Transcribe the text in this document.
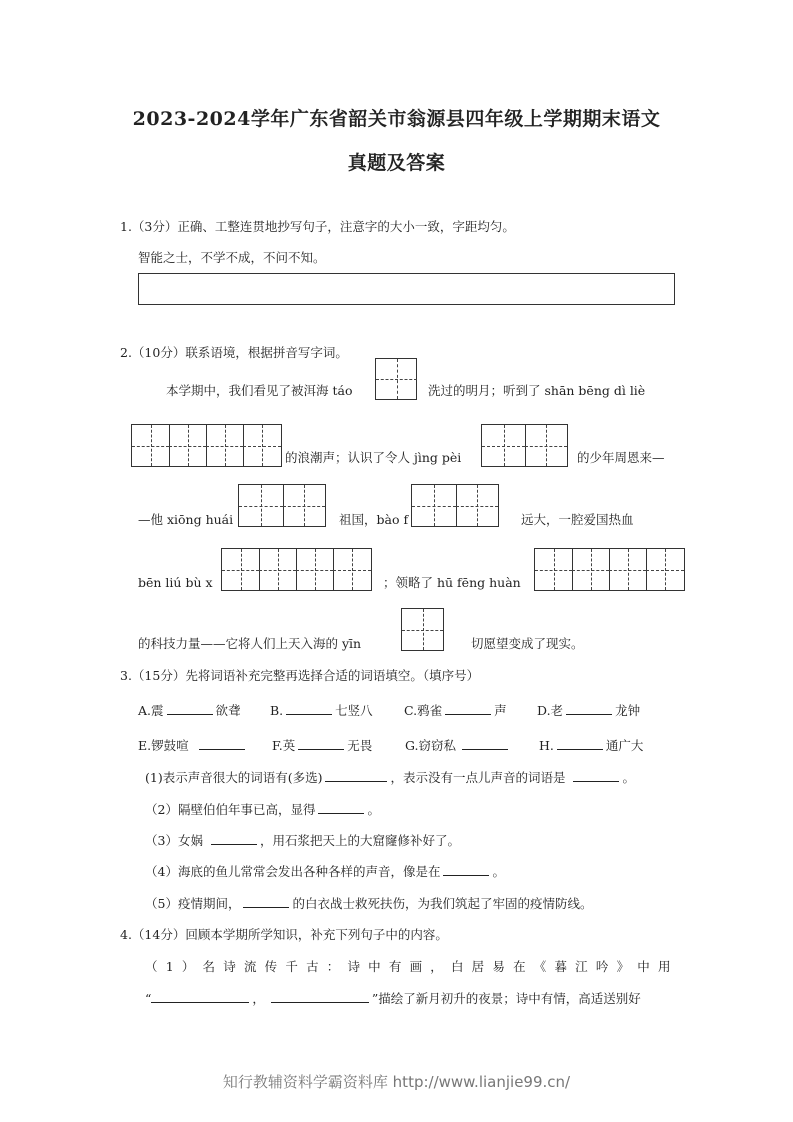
2023-2024学年广东省韶关市翁源县四年级上学期期末语文
真题及答案
1.（3分）正确、工整连贯地抄写句子，注意字的大小一致，字距均匀。
智能之士，不学不成，不问不知。
2.（10分）联系语境，根据拼音写字词。
本学期中，我们看见了被洱海 táo	洗过的明月；听到了 shān bēng dì liè
的浪潮声；认识了令人 jìng pèi	的少年周恩来—
—他 xiōng huái	祖国，bào f	远大，一腔爱国热血
bēn liú bù x	；领略了 hū fēng huàn
的科技力量——它将人们上天入海的 yīn	切愿望变成了现实。
3.（15分）先将词语补充完整再选择合适的词语填空。（填序号）
A.震	欲聋 B.	七竖八	C.鸦雀	声 D.老	龙钟
E.锣鼓喧	F.英	无畏	G.窃窃私	H.	通广大
(1)表示声音很大的词语有(多选)	，表示没有一点儿声音的词语是	。
（2）隔壁伯伯年事已高，显得	。
（3）女娲	，用石浆把天上的大窟窿修补好了。
（4）海底的鱼儿常常会发出各种各样的声音，像是在	。
（5）疫情期间，	的白衣战士救死扶伤，为我们筑起了牢固的疫情防线。
4.（14分）回顾本学期所学知识，补充下列句子中的内容。
（1）名诗流传千古：诗中有画，白居易在《暮江吟》中用
“	，	”描绘了新月初升的夜景；诗中有情，高适送别好
知行教辅资料学霸资料库 http://www.lianjie99.cn/
